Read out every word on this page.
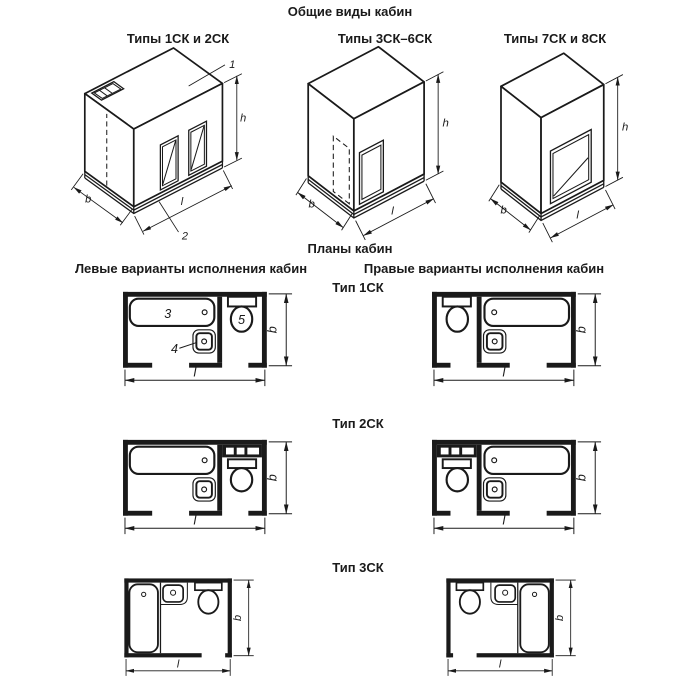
Общие виды кабин
Типы 1СК и 2СК	Типы 3СК–6СК	Типы 7СК и 8СК
Планы кабин
Левые варианты исполнения кабин	Правые варианты исполнения кабин
Тип 1СК
Тип 2СК
Тип 3СК
b	l
h
1
2
b
l
h
b	l
h
3
4
5
b
l
b
l
b
l
b
l
b
l
b
l
